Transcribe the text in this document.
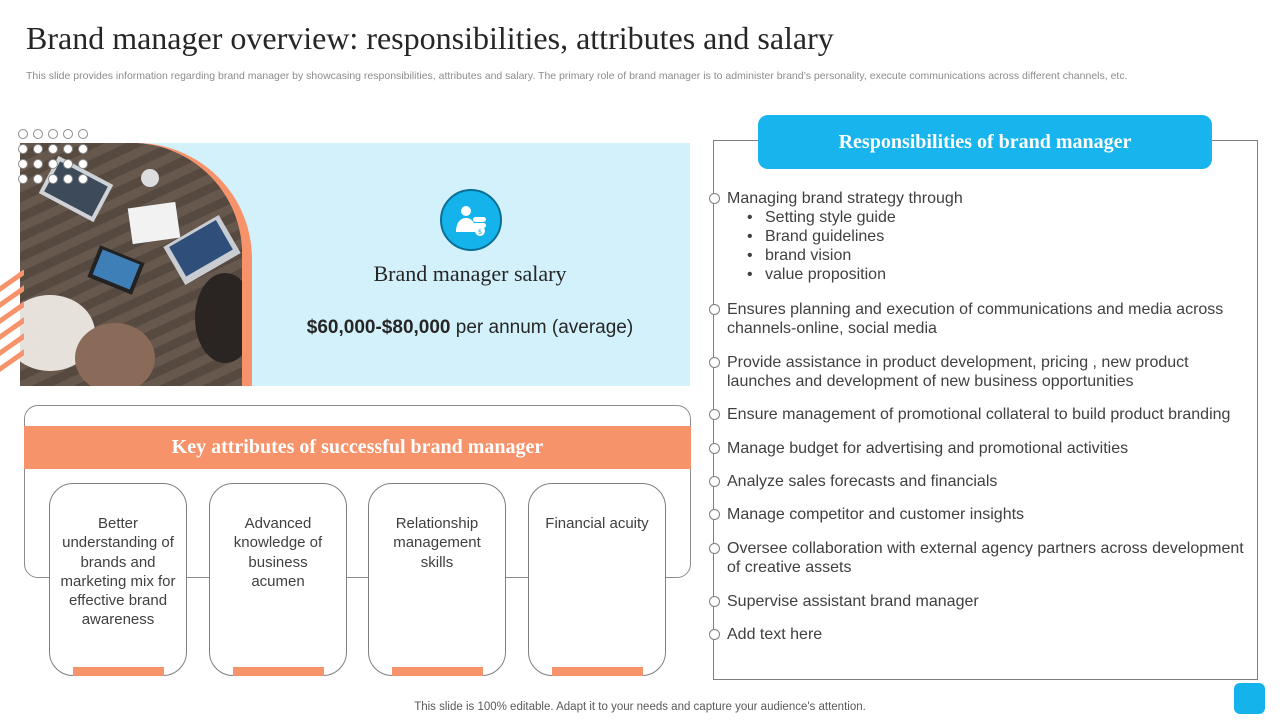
Brand manager overview: responsibilities, attributes and salary
This slide provides information regarding brand manager by showcasing responsibilities, attributes and salary. The primary role of brand manager is to administer brand’s personality, execute communications across different channels, etc.
$
Brand manager salary
$60,000-$80,000 per annum (average)
Key attributes of successful brand manager
Better understanding of brands and marketing mix for effective brand awareness
Advanced knowledge of business acumen
Relationship management skills
Financial acuity
Responsibilities of brand manager
Managing brand strategy through
• Setting style guide
• Brand guidelines
• brand vision
• value proposition
Ensures planning and execution of communications and media across channels-online, social media
Provide assistance in product development, pricing , new product launches and development of new business opportunities
Ensure management of promotional collateral to build product branding
Manage budget for advertising and promotional activities
Analyze sales forecasts and financials
Manage competitor and customer insights
Oversee collaboration with external agency partners across development of creative assets
Supervise assistant brand manager
Add text here
This slide is 100% editable. Adapt it to your needs and capture your audience's attention.
